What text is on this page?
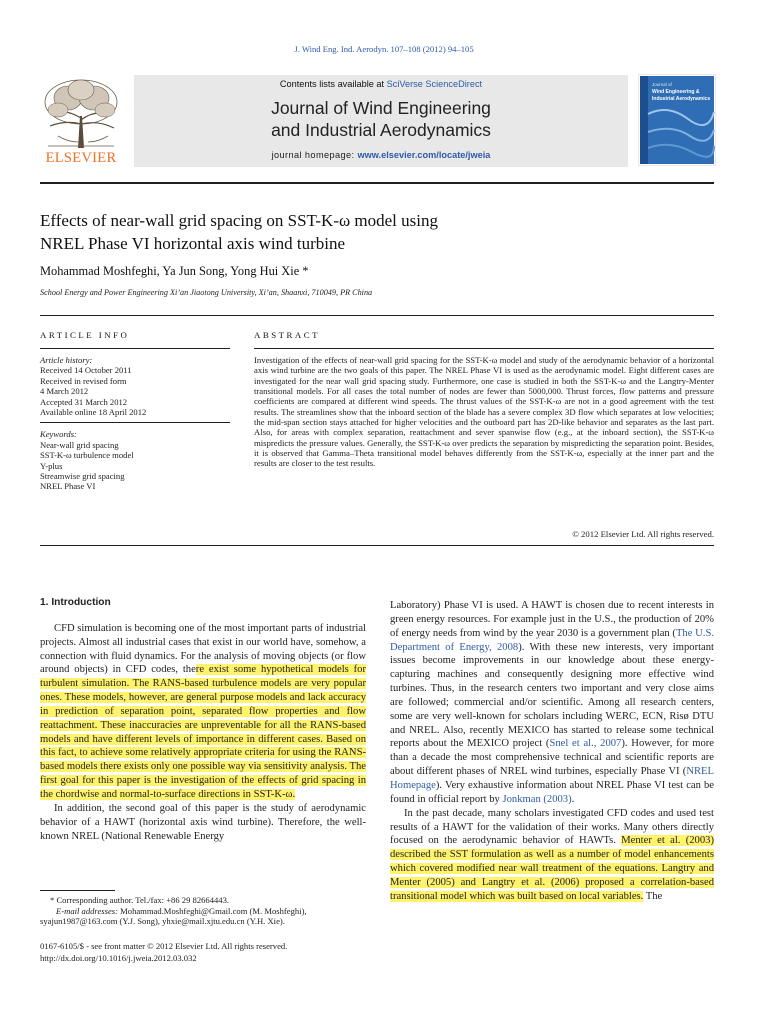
J. Wind Eng. Ind. Aerodyn. 107–108 (2012) 94–105
ELSEVIER
Contents lists available at SciVerse ScienceDirect
Journal of Wind Engineering
and Industrial Aerodynamics
journal homepage: www.elsevier.com/locate/jweia
Journal of
Wind Engineering &
Industrial Aerodynamics
Effects of near-wall grid spacing on SST-K-ω model using
NREL Phase VI horizontal axis wind turbine
Mohammad Moshfeghi, Ya Jun Song, Yong Hui Xie *
School Energy and Power Engineering Xi’an Jiaotong University, Xi’an, Shaanxi, 710049, PR China
ARTICLE INFO
Article history:
Received 14 October 2011
Received in revised form
4 March 2012
Accepted 31 March 2012
Available online 18 April 2012
Keywords:
Near-wall grid spacing
SST-K-ω turbulence model
Y-plus
Streamwise grid spacing
NREL Phase VI
ABSTRACT
Investigation of the effects of near-wall grid spacing for the SST-K-ω model and study of the aerodynamic behavior of a horizontal axis wind turbine are the two goals of this paper. The NREL Phase VI is used as the aerodynamic model. Eight different cases are investigated for the near wall grid spacing study. Furthermore, one case is studied in both the SST-K-ω and the Langtry-Menter transitional models. For all cases the total number of nodes are fewer than 5000,000. Thrust forces, flow patterns and pressure coefficients are compared at different wind speeds. The thrust values of the SST-K-ω are not in a good agreement with the test results. The streamlines show that the inboard section of the blade has a severe complex 3D flow which separates at low velocities; the mid-span section stays attached for higher velocities and the outboard part has 2D-like behavior and separates as the last part. Also, for areas with complex separation, reattachment and sever spanwise flow (e.g., at the inboard section), the SST-K-ω mispredicts the pressure values. Generally, the SST-K-ω over predicts the separation by mispredicting the separation point. Besides, it is observed that Gamma–Theta transitional model behaves differently from the SST-K-ω, especially at the inner part and the results are closer to the test results.
© 2012 Elsevier Ltd. All rights reserved.
1. Introduction

CFD simulation is becoming one of the most important parts of industrial projects. Almost all industrial cases that exist in our world have, somehow, a connection with fluid dynamics. For the analysis of moving objects (or flow around objects) in CFD codes, there exist some hypothetical models for turbulent simulation. The RANS-based turbulence models are very popular ones. These models, however, are general purpose models and lack accuracy in prediction of separation point, separated flow properties and flow reattachment. These inaccuracies are unpreventable for all the RANS-based models and have different levels of importance in different cases. Based on this fact, to achieve some relatively appropriate criteria for using the RANS-based models there exists only one possible way via sensitivity analysis. The first goal for this paper is the investigation of the effects of grid spacing in the chordwise and normal-to-surface directions in SST-K-ω.

In addition, the second goal of this paper is the study of aerodynamic behavior of a HAWT (horizontal axis wind turbine). Therefore, the well-known NREL (National Renewable Energy

Laboratory) Phase VI is used. A HAWT is chosen due to recent interests in green energy resources. For example just in the U.S., the production of 20% of energy needs from wind by the year 2030 is a government plan (The U.S. Department of Energy, 2008). With these new interests, very important issues become improvements in our knowledge about these energy-capturing machines and consequently designing more effective wind turbines. Thus, in the research centers two important and very close aims are followed; commercial and/or scientific. Among all research centers, some are very well-known for scholars including WERC, ECN, Risø DTU and NREL. Also, recently MEXICO has started to release some technical reports about the MEXICO project (Snel et al., 2007). However, for more than a decade the most comprehensive technical and scientific reports are about different phases of NREL wind turbines, especially Phase VI (NREL Homepage). Very exhaustive information about NREL Phase VI test can be found in official report by Jonkman (2003).

In the past decade, many scholars investigated CFD codes and used test results of a HAWT for the validation of their works. Many others directly focused on the aerodynamic behavior of HAWTs. Menter et al. (2003) described the SST formulation as well as a number of model enhancements which covered modified near wall treatment of the equations. Langtry and Menter (2005) and Langtry et al. (2006) proposed a correlation-based transitional model which was built based on local variables. The

* Corresponding author. Tel./fax: +86 29 82664443.
E-mail addresses: Mohammad.Moshfeghi@Gmail.com (M. Moshfeghi),
syajun1987@163.com (Y.J. Song), yhxie@mail.xjtu.edu.cn (Y.H. Xie).
0167-6105/$ - see front matter © 2012 Elsevier Ltd. All rights reserved.
http://dx.doi.org/10.1016/j.jweia.2012.03.032
